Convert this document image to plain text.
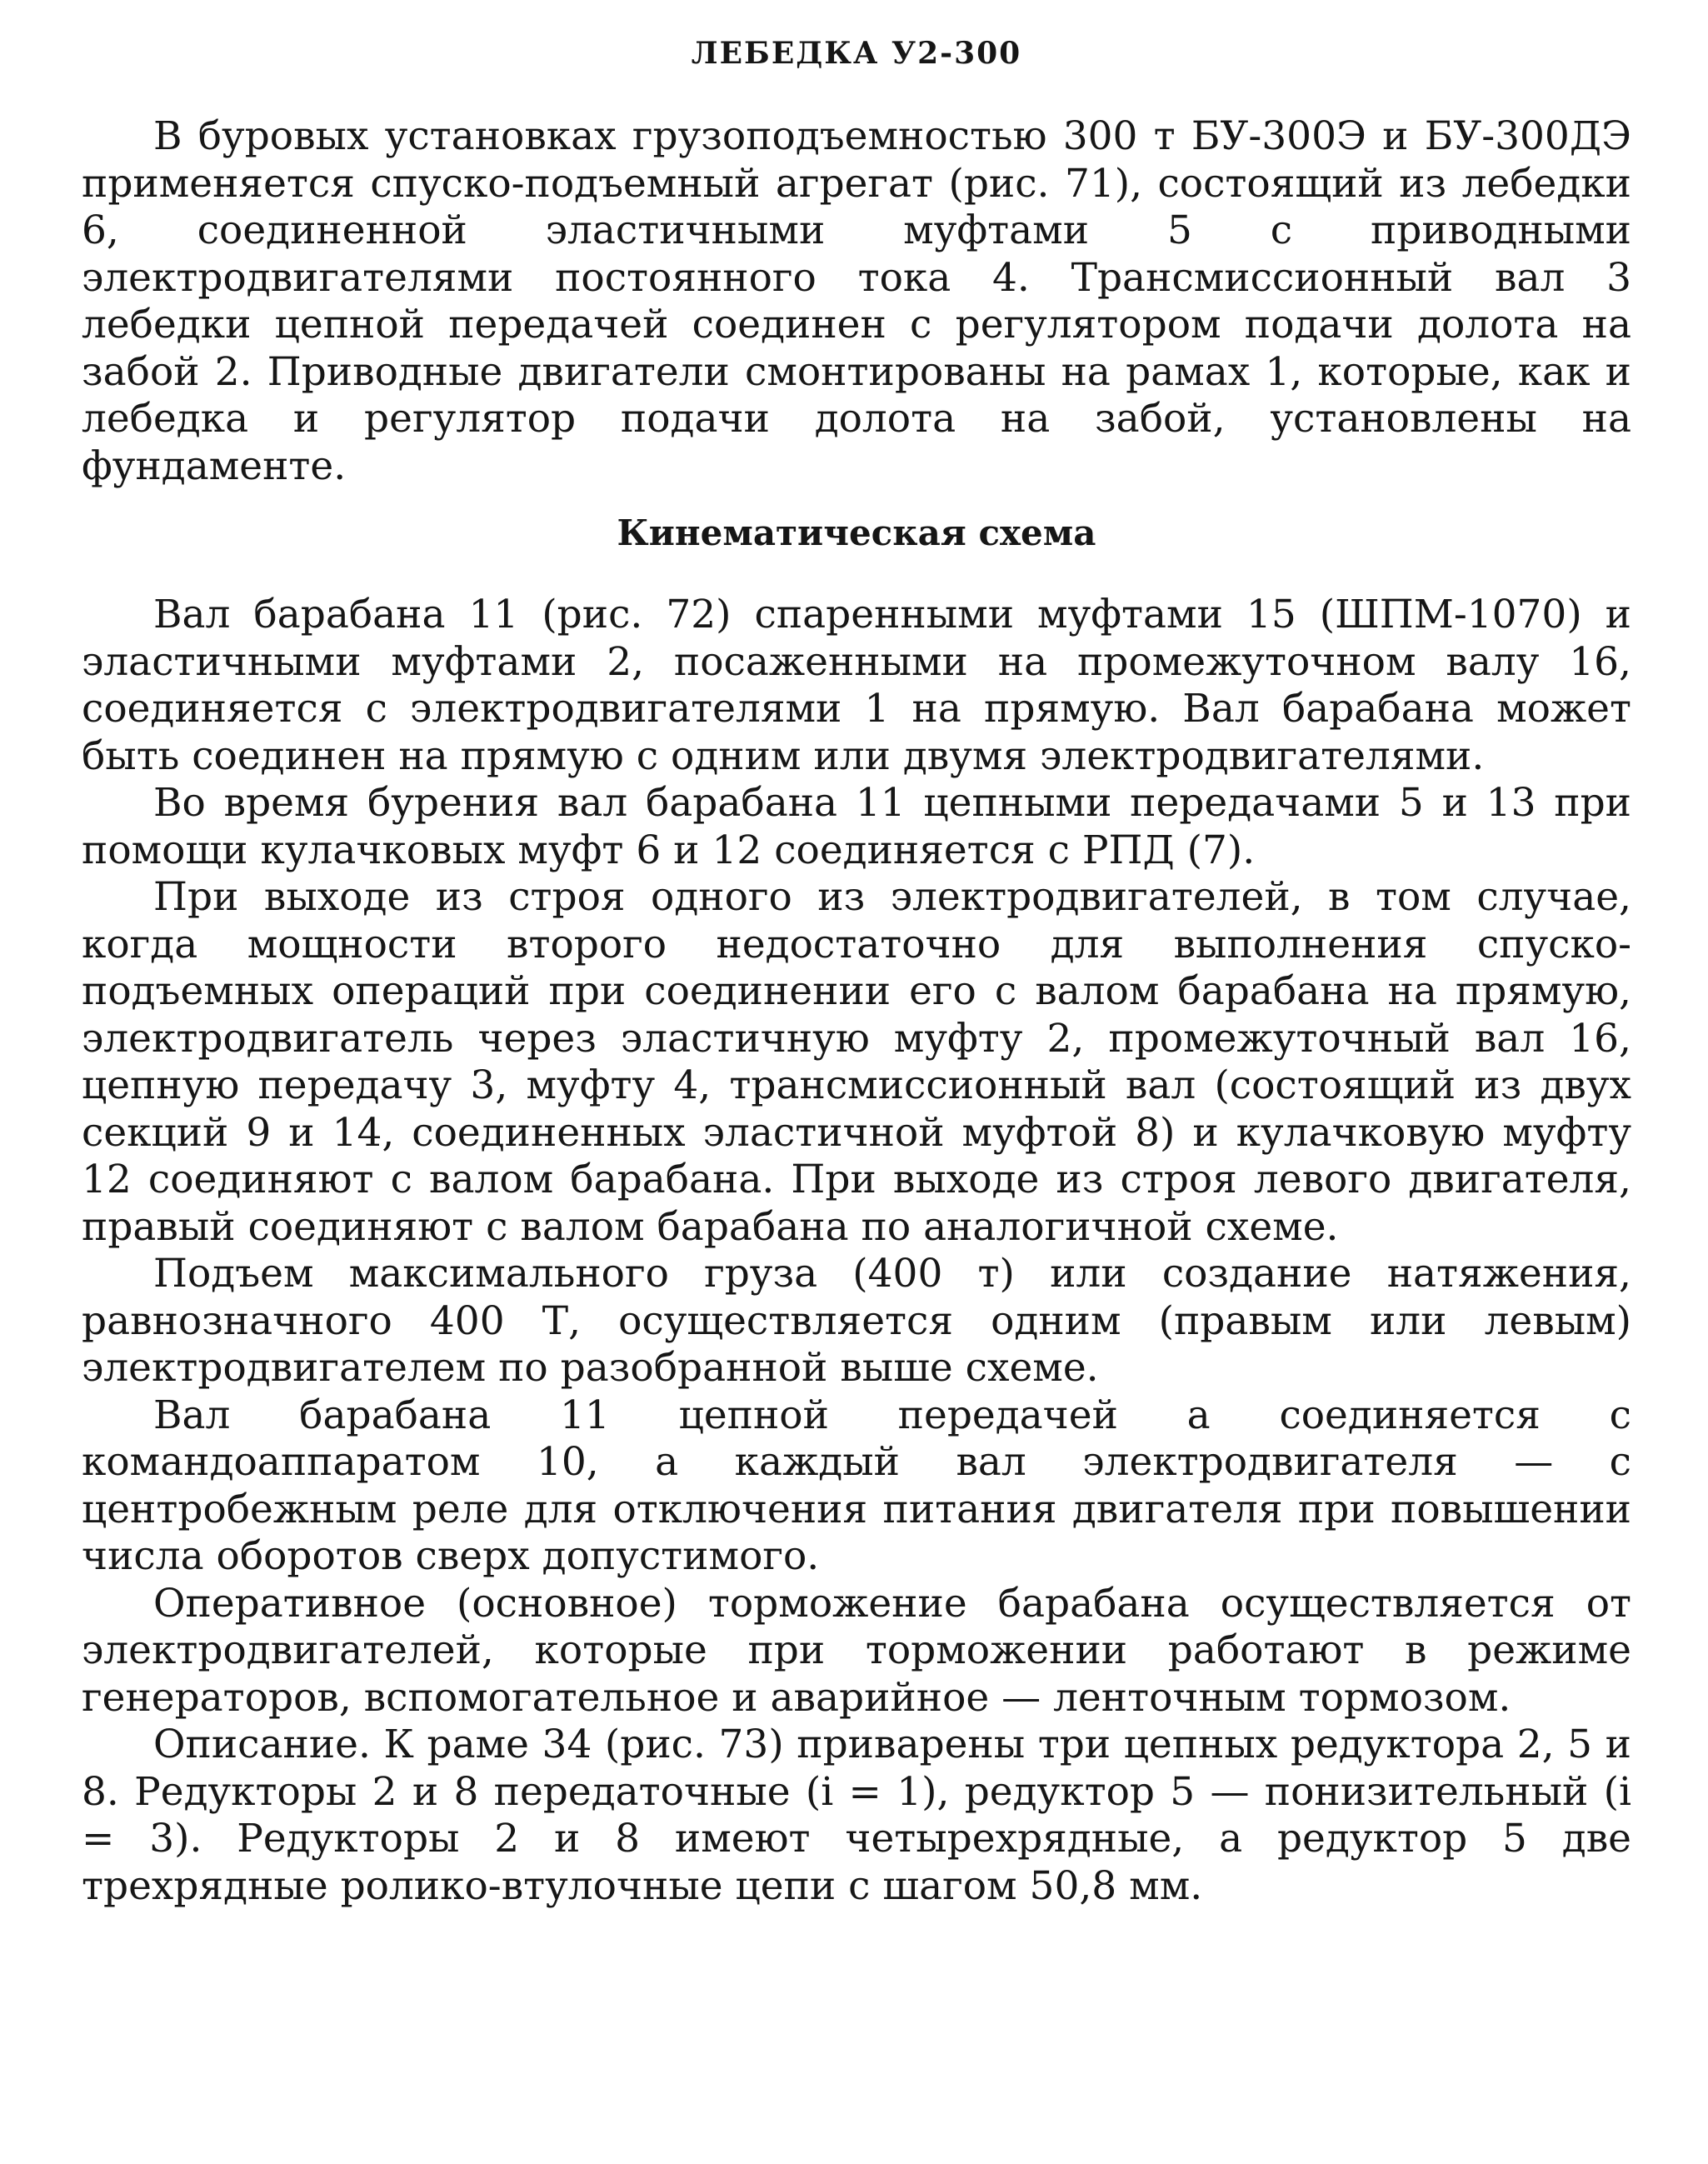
ЛЕБЕДКА У2-300

В буровых установках грузоподъемностью 300 т БУ-300Э и БУ-300ДЭ применяется спуско-подъемный агрегат (рис. 71), состоящий из лебедки 6, соединенной эластичными муфтами 5 с приводными электродвигателями постоянного тока 4. Трансмиссионный вал 3 лебедки цепной передачей соединен с регулятором подачи долота на забой 2. Приводные двигатели смонтированы на рамах 1, которые, как и лебедка и регулятор подачи долота на забой, установлены на фундаменте.

Кинематическая схема

Вал барабана 11 (рис. 72) спаренными муфтами 15 (ШПМ-1070) и эластичными муфтами 2, посаженными на промежуточном валу 16, соединяется с электродвигателями 1 на прямую. Вал барабана может быть соединен на прямую с одним или двумя электродвигателями.

Во время бурения вал барабана 11 цепными передачами 5 и 13 при помощи кулачковых муфт 6 и 12 соединяется с РПД (7).

При выходе из строя одного из электродвигателей, в том случае, когда мощности второго недостаточно для выполнения спуско-подъемных операций при соединении его с валом барабана на прямую, электродвигатель через эластичную муфту 2, промежуточный вал 16, цепную передачу 3, муфту 4, трансмиссионный вал (состоящий из двух секций 9 и 14, соединенных эластичной муфтой 8) и кулачковую муфту 12 соединяют с валом барабана. При выходе из строя левого двигателя, правый соединяют с валом барабана по аналогичной схеме.

Подъем максимального груза (400 т) или создание натяжения, равнозначного 400 Т, осуществляется одним (правым или левым) электродвигателем по разобранной выше схеме.

Вал барабана 11 цепной передачей а соединяется с командоаппаратом 10, а каждый вал электродвигателя — с центробежным реле для отключения питания двигателя при повышении числа оборотов сверх допустимого.

Оперативное (основное) торможение барабана осуществляется от электродвигателей, которые при торможении работают в режиме генераторов, вспомогательное и аварийное — ленточным тормозом.

Описание. К раме 34 (рис. 73) приварены три цепных редуктора 2, 5 и 8. Редукторы 2 и 8 передаточные (i = 1), редуктор 5 — понизительный (i = 3). Редукторы 2 и 8 имеют четырехрядные, а редуктор 5 две трехрядные ролико-втулочные цепи с шагом 50,8 мм.
